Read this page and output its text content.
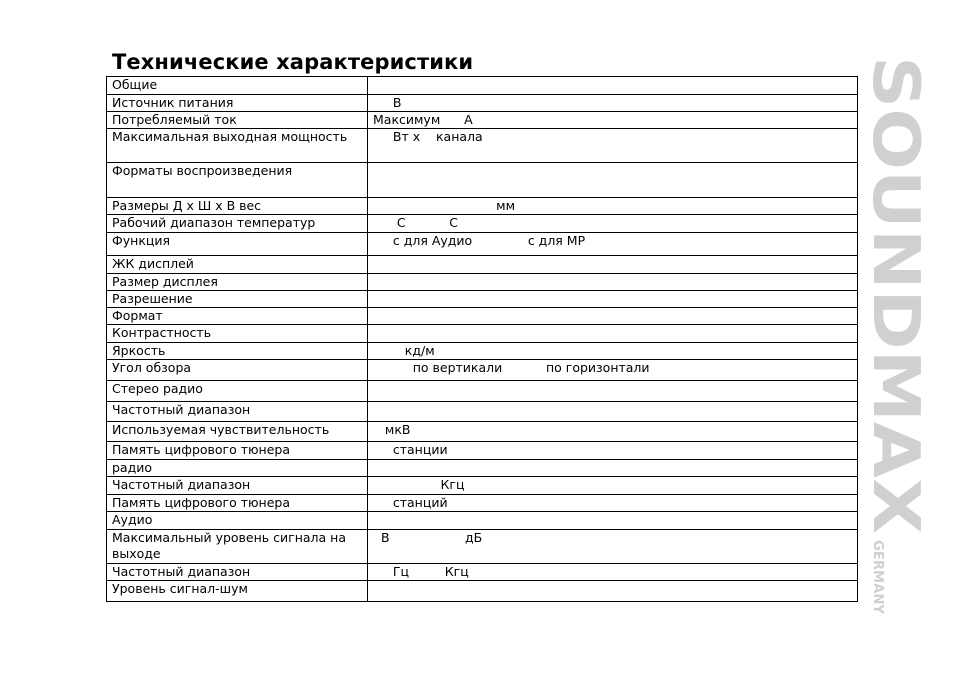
Технические характеристики
Общие	
Источник питания	В
Потребляемый ток	Максимум      А
Максимальная выходная мощность	Вт х    канала
Форматы воспроизведения	
Размеры Д х Ш х В вес	мм
Рабочий диапазон температур	С           С
Функция	с для Аудио              с для МР
ЖК дисплей	
Размер дисплея	
Разрешение	
Формат	
Контрастность	
Яркость	кд/м
Угол обзора	по вертикали           по горизонтали
Стерео радио	
Частотный диапазон	
Используемая чувствительность	мкВ
Память цифрового тюнера	станции
радио	
Частотный диапазон	Кгц
Память цифрового тюнера	станций
Аудио	
Максимальный уровень сигнала на выходе	В                   дБ
Частотный диапазон	Гц         Кгц
Уровень сигнал-шум	
SOUNDMAX
GERMANY
